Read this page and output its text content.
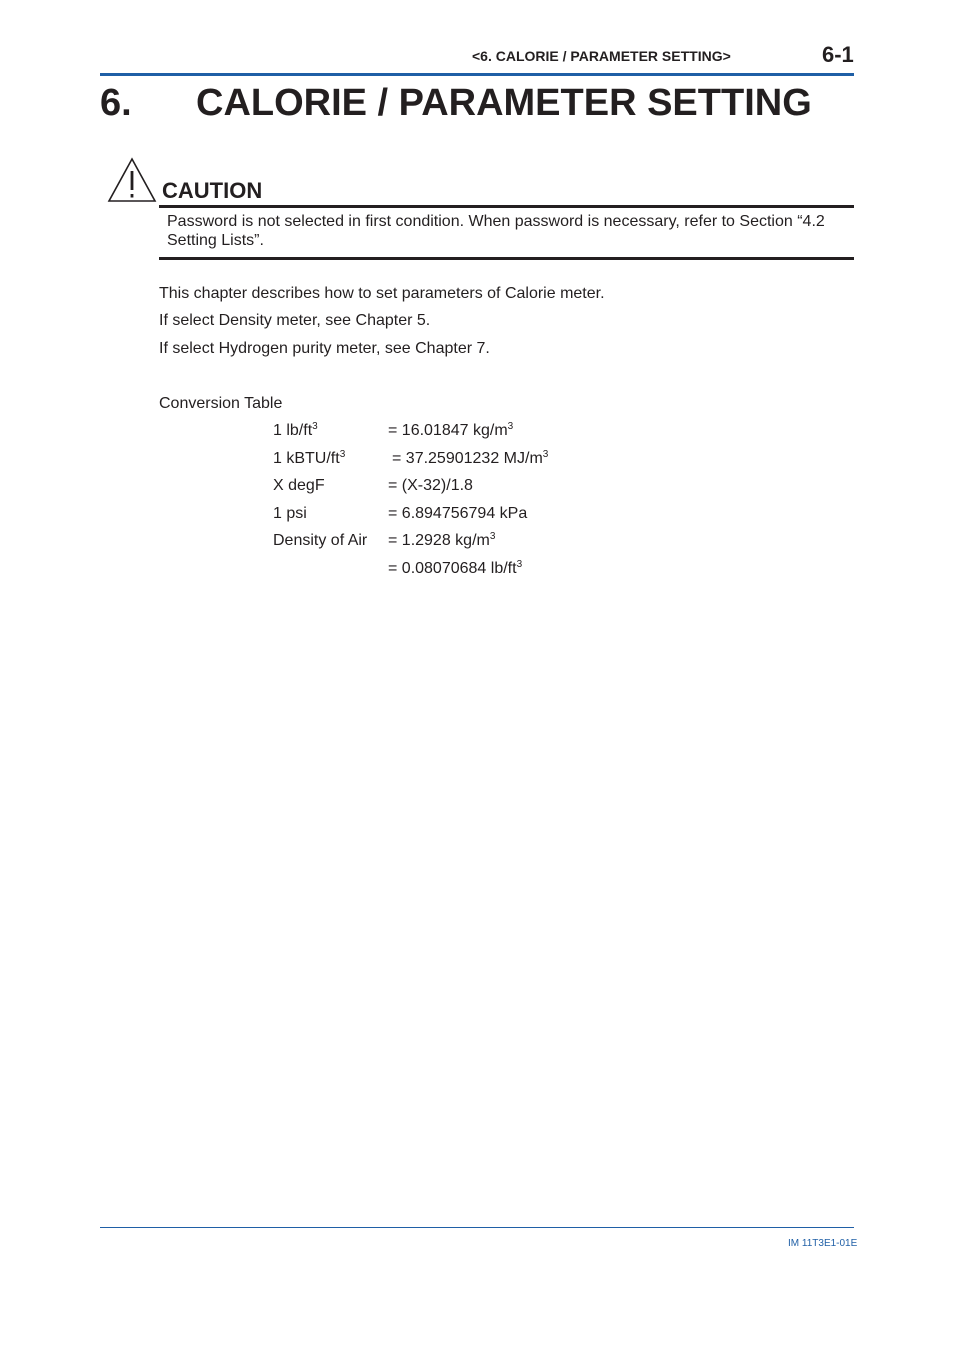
<6. CALORIE / PARAMETER SETTING>	6-1
6. CALORIE / PARAMETER SETTING
CAUTION
Password is not selected in first condition. When password is necessary, refer to Section “4.2 Setting Lists”.
This chapter describes how to set parameters of Calorie meter.
If select Density meter, see Chapter 5.
If select Hydrogen purity meter, see Chapter 7.
Conversion Table
1 $lb/ft^3$	= 16.01847 $kg/m^3$
1 kBTU/$ft^3$	= 37.25901232 $MJ/m^3$
X degF	= (X-32)/1.8
1 psi	= 6.894756794 kPa
Density of Air = 1.2928 $kg/m^3$
= 0.08070684 $lb/ft^3$
IM 11T3E1-01E
